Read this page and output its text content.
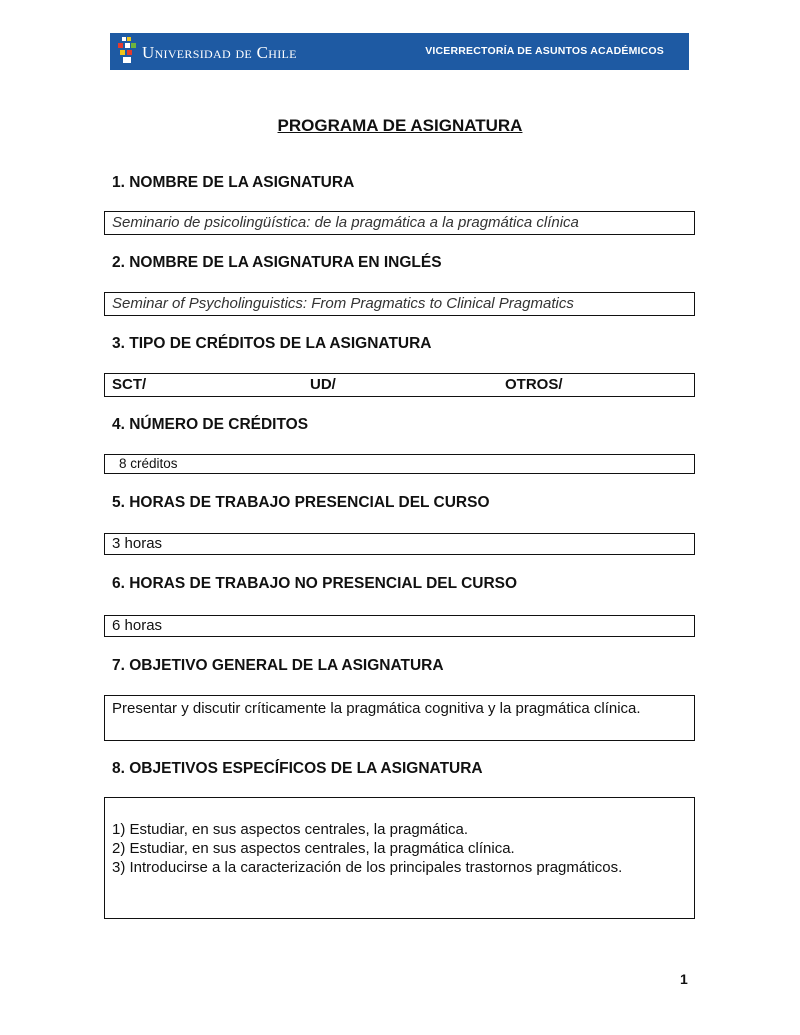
Universidad de Chile	VICERRECTORÍA DE ASUNTOS ACADÉMICOS
PROGRAMA DE ASIGNATURA
1. NOMBRE DE LA ASIGNATURA
Seminario de psicolingüística: de la pragmática a la pragmática clínica
2. NOMBRE DE LA ASIGNATURA EN INGLÉS
Seminar of Psycholinguistics: From Pragmatics to Clinical Pragmatics
3. TIPO DE CRÉDITOS DE LA ASIGNATURA
SCT/	UD/	OTROS/
4. NÚMERO DE CRÉDITOS
8 créditos
5. HORAS DE TRABAJO PRESENCIAL DEL CURSO
3 horas
6. HORAS DE TRABAJO NO PRESENCIAL DEL CURSO
6 horas
7. OBJETIVO GENERAL DE LA ASIGNATURA
Presentar y discutir críticamente la pragmática cognitiva y la pragmática clínica.
8. OBJETIVOS ESPECÍFICOS DE LA ASIGNATURA
1) Estudiar, en sus aspectos centrales, la pragmática.
2) Estudiar, en sus aspectos centrales, la pragmática clínica.
3) Introducirse a la caracterización de los principales trastornos pragmáticos.
1
